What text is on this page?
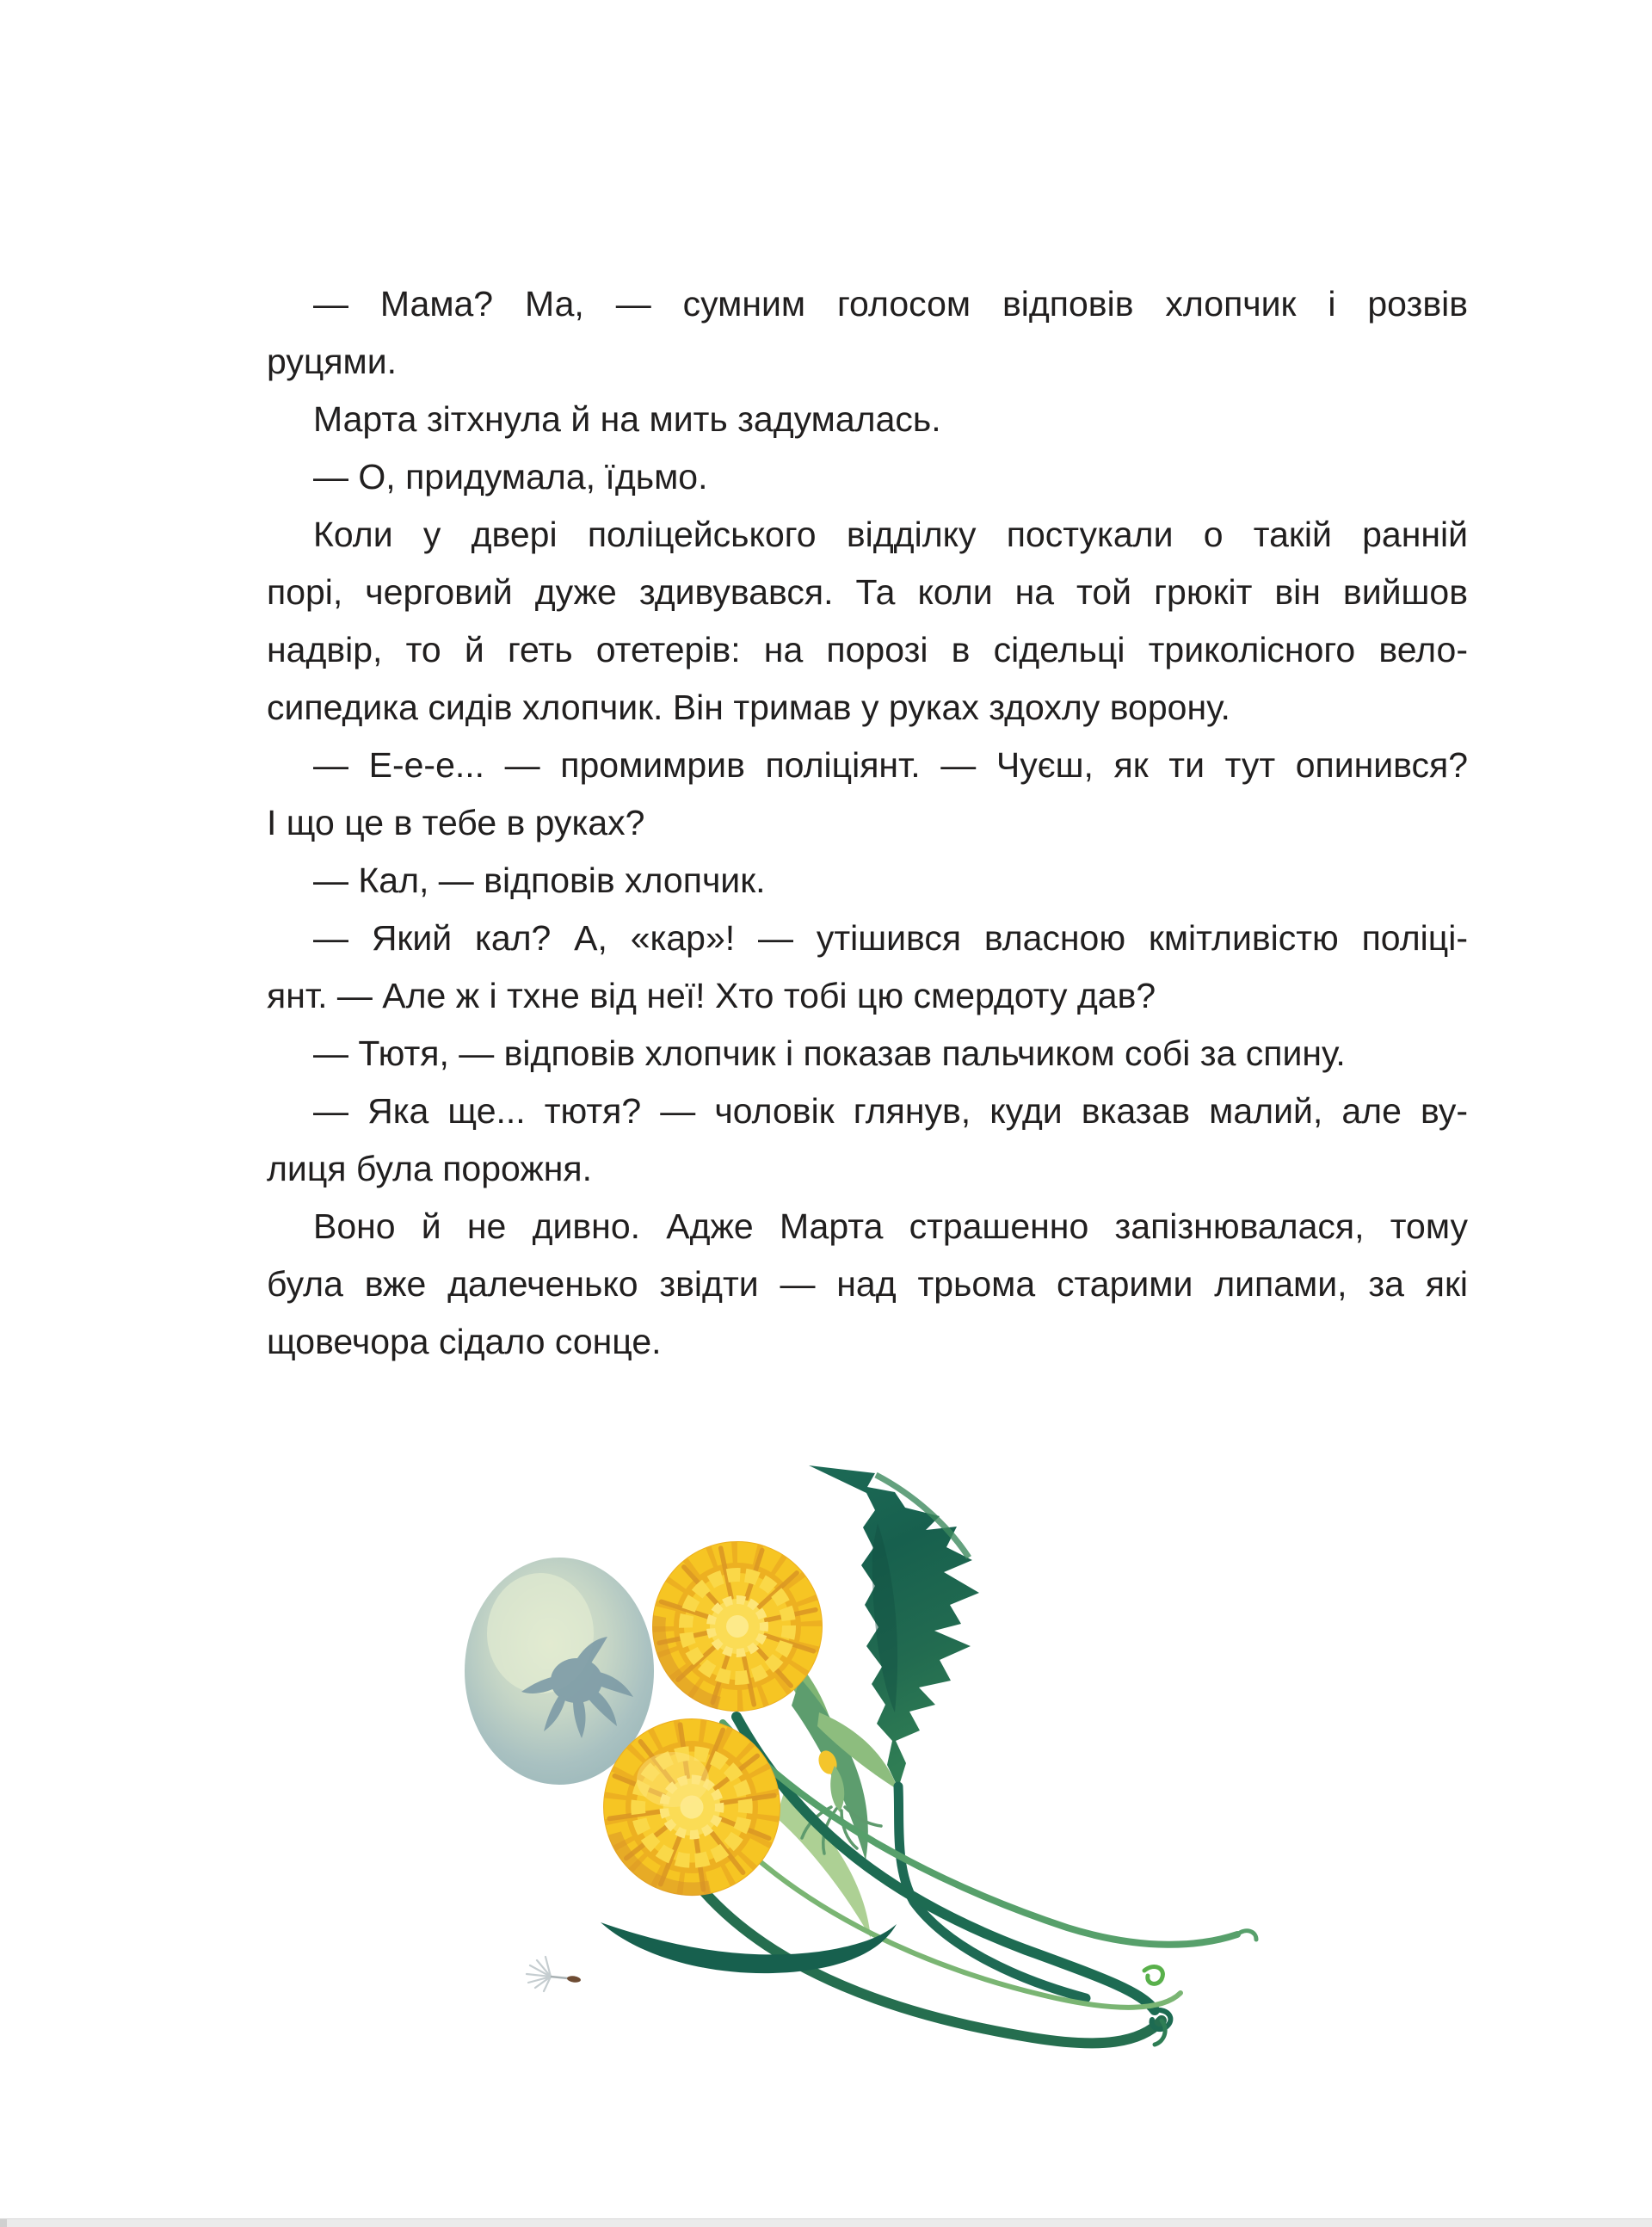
— Мама? Ма, — сумним голосом відповів хлопчик і розвів
руцями.
Марта зітхнула й на мить задумалась.
— О, придумала, їдьмо.
Коли у двері поліцейського відділку постукали о такій ранній
порі, черговий дуже здивувався. Та коли на той грюкіт він вийшов
надвір, то й геть отетерів: на порозі в сідельці триколісного вело-
сипедика сидів хлопчик. Він тримав у руках здохлу ворону.
— Е-е-е... — промимрив поліціянт. — Чуєш, як ти тут опинився?
І що це в тебе в руках?
— Кал, — відповів хлопчик.
— Який кал? А, «кар»! — утішився власною кмітливістю поліці-
янт. — Але ж і тхне від неї! Хто тобі цю смердоту дав?
— Тютя, — відповів хлопчик і показав пальчиком собі за спину.
— Яка ще... тютя? — чоловік глянув, куди вказав малий, але ву-
лиця була порожня.
Воно й не дивно. Адже Марта страшенно запізнювалася, тому
була вже далеченько звідти — над трьома старими липами, за які
щовечора сідало сонце.
